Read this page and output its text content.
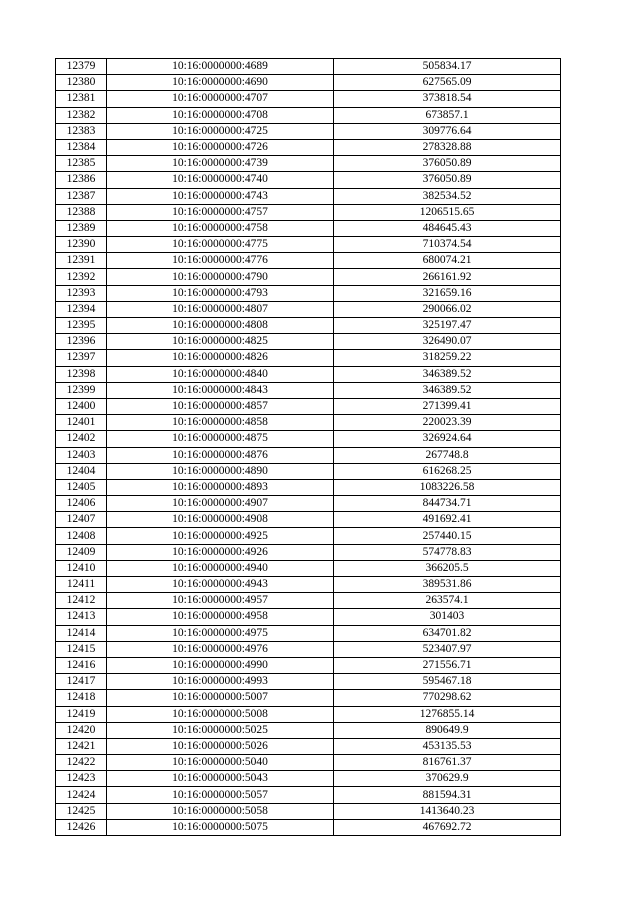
12379	10:16:0000000:4689	505834.17
12380	10:16:0000000:4690	627565.09
12381	10:16:0000000:4707	373818.54
12382	10:16:0000000:4708	673857.1
12383	10:16:0000000:4725	309776.64
12384	10:16:0000000:4726	278328.88
12385	10:16:0000000:4739	376050.89
12386	10:16:0000000:4740	376050.89
12387	10:16:0000000:4743	382534.52
12388	10:16:0000000:4757	1206515.65
12389	10:16:0000000:4758	484645.43
12390	10:16:0000000:4775	710374.54
12391	10:16:0000000:4776	680074.21
12392	10:16:0000000:4790	266161.92
12393	10:16:0000000:4793	321659.16
12394	10:16:0000000:4807	290066.02
12395	10:16:0000000:4808	325197.47
12396	10:16:0000000:4825	326490.07
12397	10:16:0000000:4826	318259.22
12398	10:16:0000000:4840	346389.52
12399	10:16:0000000:4843	346389.52
12400	10:16:0000000:4857	271399.41
12401	10:16:0000000:4858	220023.39
12402	10:16:0000000:4875	326924.64
12403	10:16:0000000:4876	267748.8
12404	10:16:0000000:4890	616268.25
12405	10:16:0000000:4893	1083226.58
12406	10:16:0000000:4907	844734.71
12407	10:16:0000000:4908	491692.41
12408	10:16:0000000:4925	257440.15
12409	10:16:0000000:4926	574778.83
12410	10:16:0000000:4940	366205.5
12411	10:16:0000000:4943	389531.86
12412	10:16:0000000:4957	263574.1
12413	10:16:0000000:4958	301403
12414	10:16:0000000:4975	634701.82
12415	10:16:0000000:4976	523407.97
12416	10:16:0000000:4990	271556.71
12417	10:16:0000000:4993	595467.18
12418	10:16:0000000:5007	770298.62
12419	10:16:0000000:5008	1276855.14
12420	10:16:0000000:5025	890649.9
12421	10:16:0000000:5026	453135.53
12422	10:16:0000000:5040	816761.37
12423	10:16:0000000:5043	370629.9
12424	10:16:0000000:5057	881594.31
12425	10:16:0000000:5058	1413640.23
12426	10:16:0000000:5075	467692.72
